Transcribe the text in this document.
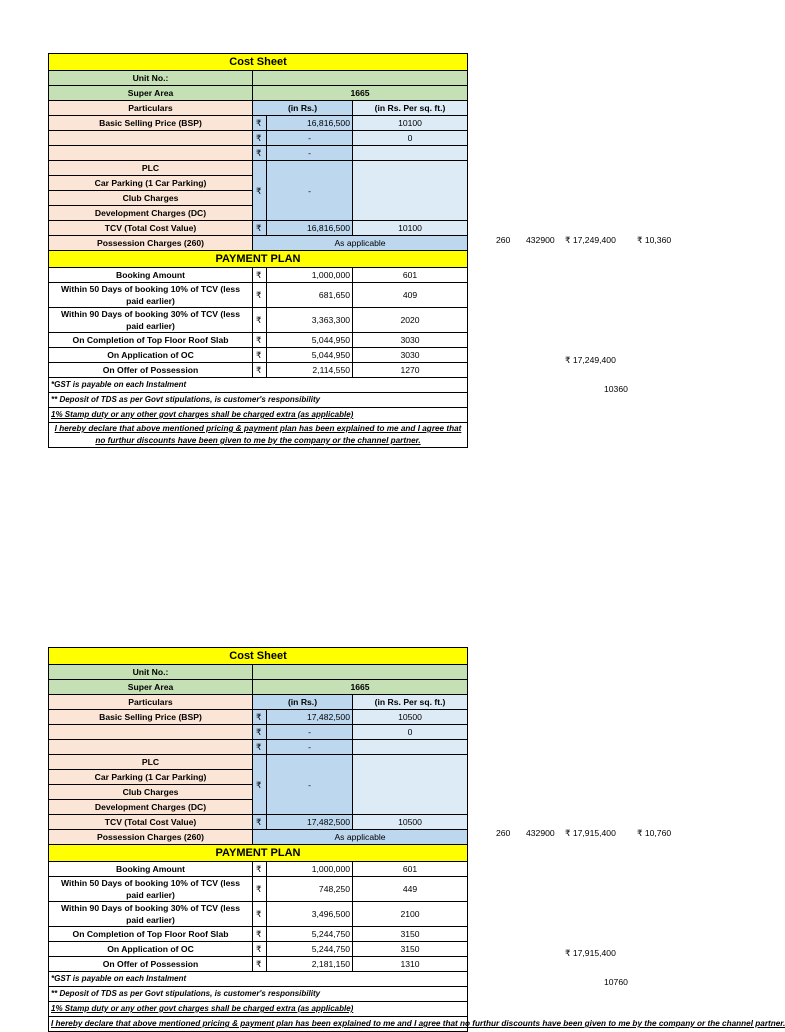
Cost Sheet			
Unit No.:			
Super Area	1665		
Particulars	(in Rs.)		(in Rs. Per sq. ft.)
Basic Selling Price (BSP)	₹	16,816,500	10100
	₹	-	0
	₹	-	
PLC	₹	-	
Car Parking (1 Car Parking)			
Club Charges			
Development Charges (DC)			
TCV (Total Cost Value)	₹	16,816,500	10100
Possession Charges (260)	As applicable		
PAYMENT PLAN			
Booking Amount	₹	1,000,000	601
Within 50 Days of booking 10% of TCV (less paid earlier)	₹	681,650	409
Within 90 Days of booking 30% of TCV (less paid earlier)	₹	3,363,300	2020
On Completion of Top Floor Roof Slab	₹	5,044,950	3030
On Application of OC	₹	5,044,950	3030
On Offer of Possession	₹	2,114,550	1270
*GST is payable on each Instalment			
** Deposit of TDS as per Govt stipulations, is customer's responsibility			
1% Stamp duty or any other govt charges shall be charged extra (as applicable)			
I hereby declare that above mentioned pricing & payment plan has been explained to me and I agree that no furthur discounts have been given to me by the company or the channel partner.			
260 432900 ₹ 17,249,400 ₹ 10,360
₹ 17,249,400
10360
Cost Sheet			
Unit No.:			
Super Area	1665		
Particulars	(in Rs.)		(in Rs. Per sq. ft.)
Basic Selling Price (BSP)	₹	17,482,500	10500
	₹	-	0
	₹	-	
PLC	₹	-	
Car Parking (1 Car Parking)			
Club Charges			
Development Charges (DC)			
TCV (Total Cost Value)	₹	17,482,500	10500
Possession Charges (260)	As applicable		
PAYMENT PLAN			
Booking Amount	₹	1,000,000	601
Within 50 Days of booking 10% of TCV (less paid earlier)	₹	748,250	449
Within 90 Days of booking 30% of TCV (less paid earlier)	₹	3,496,500	2100
On Completion of Top Floor Roof Slab	₹	5,244,750	3150
On Application of OC	₹	5,244,750	3150
On Offer of Possession	₹	2,181,150	1310
*GST is payable on each Instalment			
** Deposit of TDS as per Govt stipulations, is customer's responsibility			
1% Stamp duty or any other govt charges shall be charged extra (as applicable)			
I hereby declare that above mentioned pricing & payment plan has been explained to me and I agree that no furthur discounts have been given to me by the company or the channel partner.			
260 432900 ₹ 17,915,400 ₹ 10,760
₹ 17,915,400
10760
